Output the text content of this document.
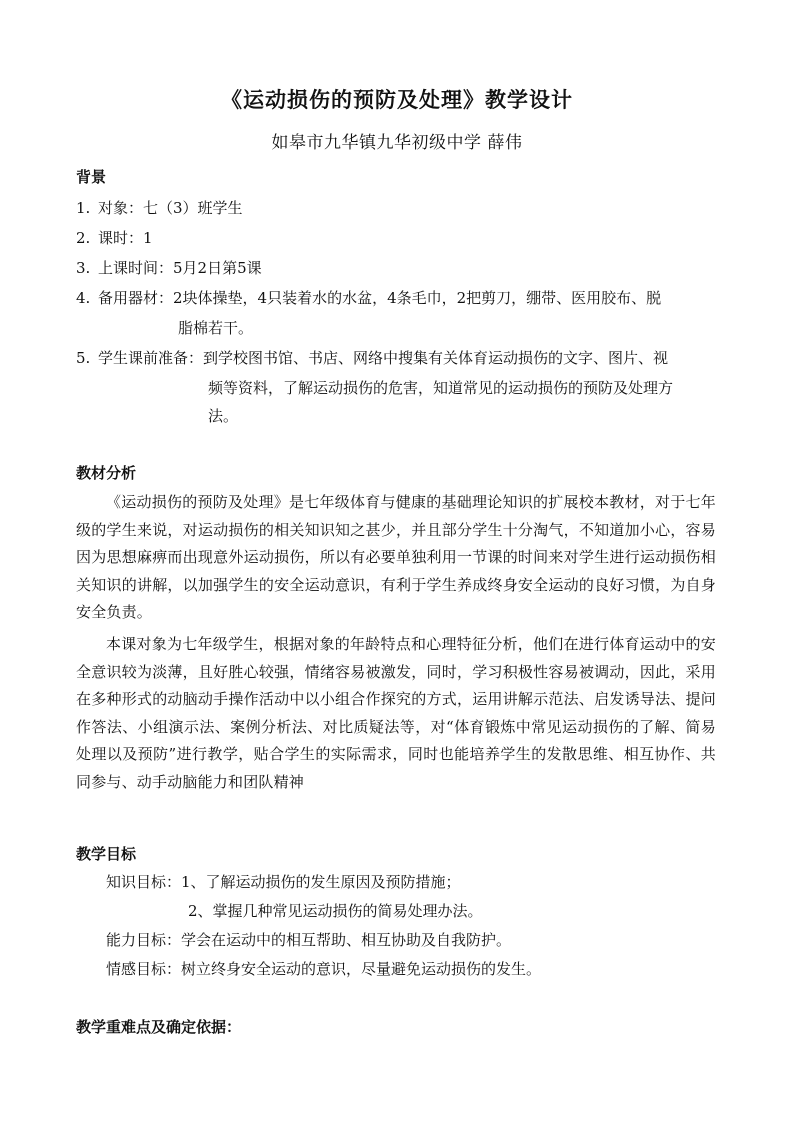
《运动损伤的预防及处理》教学设计
如皋市九华镇九华初级中学 薛伟
背景
1. 对象：七（3）班学生
2. 课时：1
3. 上课时间：5月2日第5课
4. 备用器材：2块体操垫，4只装着水的水盆，4条毛巾，2把剪刀，绷带、医用胶布、脱
脂棉若干。
5. 学生课前准备：到学校图书馆、书店、网络中搜集有关体育运动损伤的文字、图片、视
频等资料，了解运动损伤的危害，知道常见的运动损伤的预防及处理方
法。
教材分析
《运动损伤的预防及处理》是七年级体育与健康的基础理论知识的扩展校本教材，对于七年级的学生来说，对运动损伤的相关知识知之甚少，并且部分学生十分淘气，不知道加小心，容易因为思想麻痹而出现意外运动损伤，所以有必要单独利用一节课的时间来对学生进行运动损伤相关知识的讲解，以加强学生的安全运动意识，有利于学生养成终身安全运动的良好习惯，为自身安全负责。
本课对象为七年级学生，根据对象的年龄特点和心理特征分析，他们在进行体育运动中的安全意识较为淡薄，且好胜心较强，情绪容易被激发，同时，学习积极性容易被调动，因此，采用在多种形式的动脑动手操作活动中以小组合作探究的方式，运用讲解示范法、启发诱导法、提问作答法、小组演示法、案例分析法、对比质疑法等，对“体育锻炼中常见运动损伤的了解、简易处理以及预防”进行教学，贴合学生的实际需求，同时也能培养学生的发散思维、相互协作、共同参与、动手动脑能力和团队精神
教学目标
知识目标：1、了解运动损伤的发生原因及预防措施；
2、掌握几种常见运动损伤的简易处理办法。
能力目标：学会在运动中的相互帮助、相互协助及自我防护。
情感目标：树立终身安全运动的意识，尽量避免运动损伤的发生。
教学重难点及确定依据：
